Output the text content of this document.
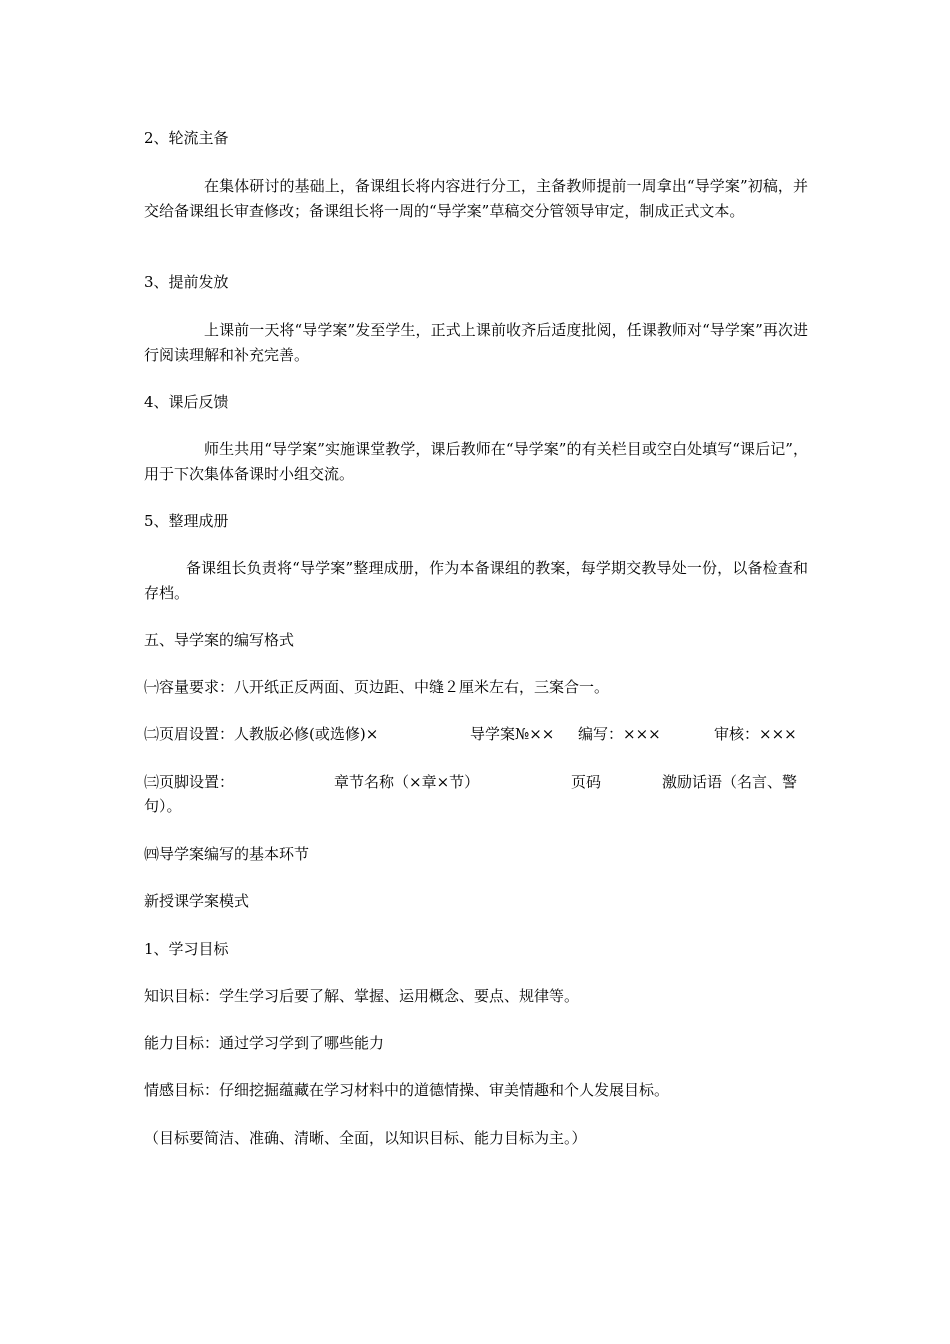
2、轮流主备
在集体研讨的基础上，备课组长将内容进行分工，主备教师提前一周拿出“导学案”初稿，并交给备课组长审查修改；备课组长将一周的“导学案”草稿交分管领导审定，制成正式文本。
3、提前发放
上课前一天将“导学案”发至学生，正式上课前收齐后适度批阅，任课教师对“导学案”再次进行阅读理解和补充完善。
4、课后反馈
师生共用“导学案”实施课堂教学，课后教师在“导学案”的有关栏目或空白处填写“课后记”，用于下次集体备课时小组交流。
5、整理成册
备课组长负责将“导学案”整理成册，作为本备课组的教案，每学期交教导处一份，以备检查和存档。
五、导学案的编写格式
㈠容量要求：八开纸正反两面、页边距、中缝２厘米左右，三案合一。
㈡页眉设置：人教版必修(或选修)×	导学案№×× 编写：×××	审核：×××
㈢页脚设置：	章节名称（×章×节）	页码	激励话语（名言、警
句）。
㈣导学案编写的基本环节
新授课学案模式
1、学习目标
知识目标：学生学习后要了解、掌握、运用概念、要点、规律等。
能力目标：通过学习学到了哪些能力
情感目标：仔细挖掘蕴藏在学习材料中的道德情操、审美情趣和个人发展目标。
（目标要简洁、准确、清晰、全面，以知识目标、能力目标为主。）
